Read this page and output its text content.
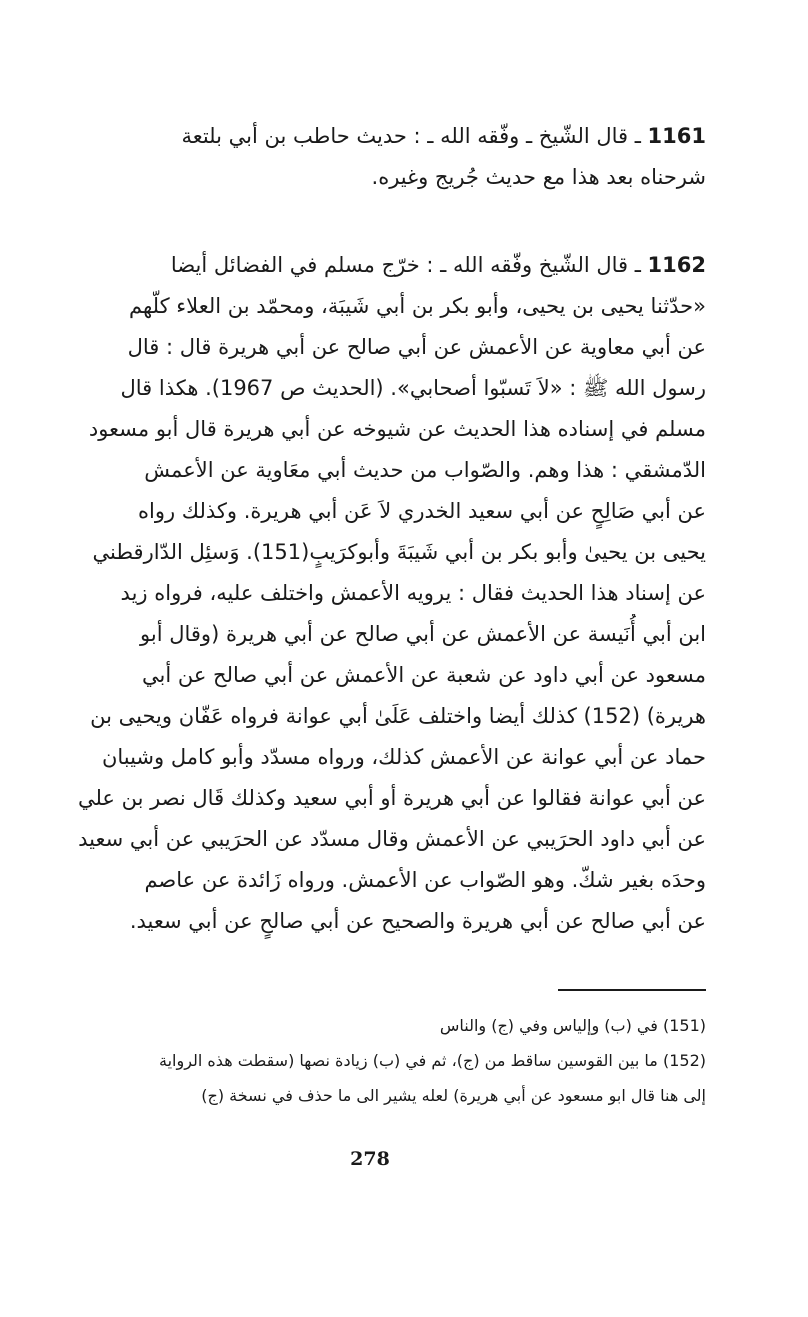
1161 ـ قال الشّيخ ـ وفّقه الله ـ : حديث حاطب بن أبي بلتعة
شرحناه بعد هذا مع حديث جُريج وغيره.
1162 ـ قال الشّيخ وفّقه الله ـ : خرّج مسلم في الفضائل أيضا
«حدّثنا يحيى بن يحيى، وأبو بكر بن أبي شَيبَة، ومحمّد بن العلاء كلّهم
عن أبي معاوية عن الأعمش عن أبي صالح عن أبي هريرة قال : قال
رسول الله ﷺ : «لاَ تَسبّوا أصحابي». (الحديث ص 1967). هكذا قال
مسلم في إسناده هذا الحديث عن شيوخه عن أبي هريرة قال أبو مسعود
الدّمشقي : هذا وهم. والصّواب من حديث أبي معَاوية عن الأعمش
عن أبي صَالِحٍ عن أبي سعيد الخدري لاَ عَن أبي هريرة. وكذلك رواه
يحيى بن يحيىٰ وأبو بكر بن أبي شَيبَةَ وأبوكرَيبٍ(151). وَسئِل الدّارقطني
عن إسناد هذا الحديث فقال : يرويه الأعمش واختلف عليه، فرواه زيد
ابن أبي أُنَيسة عن الأعمش عن أبي صالح عن أبي هريرة (وقال أبو
مسعود عن أبي داود عن شعبة عن الأعمش عن أبي صالح عن أبي
هريرة) (152) كذلك أيضا واختلف عَلَىٰ أبي عوانة فرواه عَفّان ويحيى بن
حماد عن أبي عوانة عن الأعمش كذلك، ورواه مسدّد وأبو كامل وشيبان
عن أبي عوانة فقالوا عن أبي هريرة أو أبي سعيد وكذلك قَال نصر بن علي
عن أبي داود الحرَيبي عن الأعمش وقال مسدّد عن الحرَيبي عن أبي سعيد
وحدَه بغير شكّ. وهو الصّواب عن الأعمش. ورواه زَائدة عن عاصم
عن أبي صالح عن أبي هريرة والصحيح عن أبي صالحٍ عن أبي سعيد.
(151) في (ب) وإلياس وفي (ج) والناس
(152) ما بين القوسين ساقط من (ج)، ثم في (ب) زيادة نصها (سقطت هذه الرواية
إلى هنا قال ابو مسعود عن أبي هريرة) لعله يشير الى ما حذف في نسخة (ج)
278
